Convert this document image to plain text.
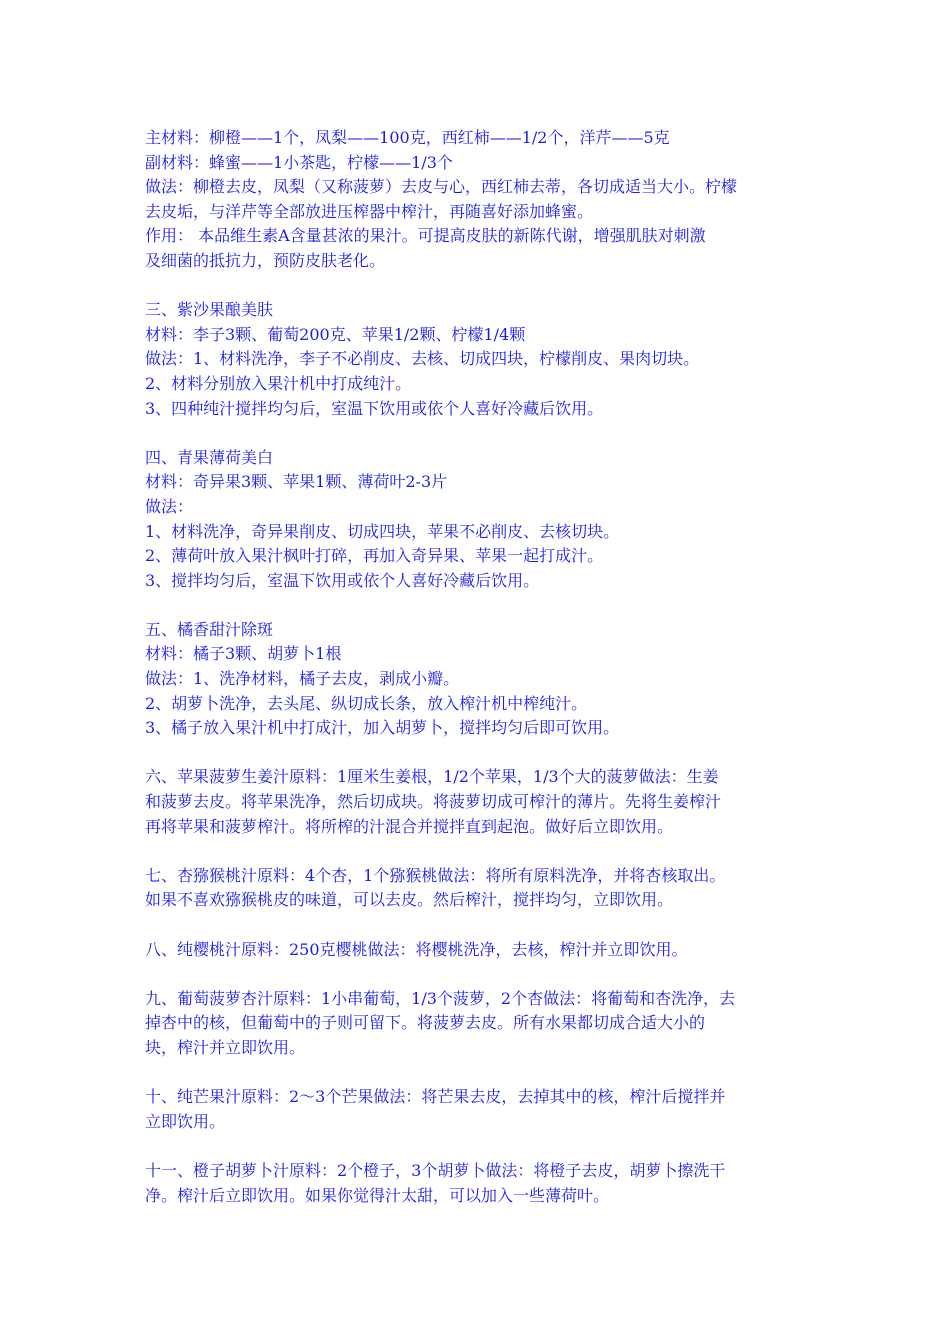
主材料：柳橙——1个，凤梨——100克，西红柿——1/2个，洋芹——5克
副材料：蜂蜜——1小茶匙，柠檬——1/3个
做法：柳橙去皮，凤梨（又称菠萝）去皮与心，西红柿去蒂，各切成适当大小。柠檬
去皮垢，与洋芹等全部放进压榨器中榨汁，再随喜好添加蜂蜜。
作用： 本品维生素A含量甚浓的果汁。可提高皮肤的新陈代谢，增强肌肤对刺激
及细菌的抵抗力，预防皮肤老化。
三、紫沙果酿美肤
材料：李子3颗、葡萄200克、苹果1/2颗、柠檬1/4颗
做法：1、材料洗净，李子不必削皮、去核、切成四块，柠檬削皮、果肉切块。
2、材料分别放入果汁机中打成纯汁。
3、四种纯汁搅拌均匀后，室温下饮用或依个人喜好冷藏后饮用。
四、青果薄荷美白
材料：奇异果3颗、苹果1颗、薄荷叶2-3片
做法：
1、材料洗净，奇异果削皮、切成四块，苹果不必削皮、去核切块。
2、薄荷叶放入果汁枫叶打碎，再加入奇异果、苹果一起打成汁。
3、搅拌均匀后，室温下饮用或依个人喜好冷藏后饮用。
五、橘香甜汁除斑
材料：橘子3颗、胡萝卜1根
做法：1、洗净材料，橘子去皮，剥成小瓣。
2、胡萝卜洗净，去头尾、纵切成长条，放入榨汁机中榨纯汁。
3、橘子放入果汁机中打成汁，加入胡萝卜，搅拌均匀后即可饮用。
六、苹果菠萝生姜汁原料：1厘米生姜根，1/2个苹果，1/3个大的菠萝做法：生姜
和菠萝去皮。将苹果洗净，然后切成块。将菠萝切成可榨汁的薄片。先将生姜榨汁
再将苹果和菠萝榨汁。将所榨的汁混合并搅拌直到起泡。做好后立即饮用。
七、杏猕猴桃汁原料：4个杏，1个猕猴桃做法：将所有原料洗净，并将杏核取出。
如果不喜欢猕猴桃皮的味道，可以去皮。然后榨汁，搅拌均匀，立即饮用。
八、纯樱桃汁原料：250克樱桃做法：将樱桃洗净，去核，榨汁并立即饮用。
九、葡萄菠萝杏汁原料：1小串葡萄，1/3个菠萝，2个杏做法：将葡萄和杏洗净，去
掉杏中的核，但葡萄中的子则可留下。将菠萝去皮。所有水果都切成合适大小的
块，榨汁并立即饮用。
十、纯芒果汁原料：2～3个芒果做法：将芒果去皮，去掉其中的核，榨汁后搅拌并
立即饮用。
十一、橙子胡萝卜汁原料：2个橙子，3个胡萝卜做法：将橙子去皮，胡萝卜擦洗干
净。榨汁后立即饮用。如果你觉得汁太甜，可以加入一些薄荷叶。
